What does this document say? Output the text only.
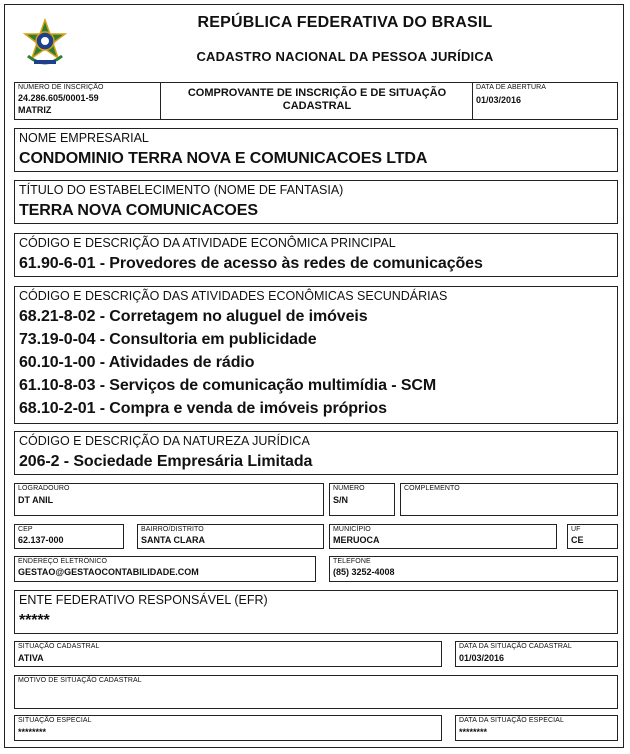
REPÚBLICA FEDERATIVA DO BRASIL
CADASTRO NACIONAL DA PESSOA JURÍDICA
NÚMERO DE INSCRIÇÃO
24.286.605/0001-59
MATRIZ
COMPROVANTE DE INSCRIÇÃO E DE SITUAÇÃO CADASTRAL
DATA DE ABERTURA
01/03/2016
NOME EMPRESARIAL
CONDOMINIO TERRA NOVA E COMUNICACOES LTDA
TÍTULO DO ESTABELECIMENTO (NOME DE FANTASIA)
TERRA NOVA COMUNICACOES
CÓDIGO E DESCRIÇÃO DA ATIVIDADE ECONÔMICA PRINCIPAL
61.90-6-01 - Provedores de acesso às redes de comunicações
CÓDIGO E DESCRIÇÃO DAS ATIVIDADES ECONÔMICAS SECUNDÁRIAS
68.21-8-02 - Corretagem no aluguel de imóveis
73.19-0-04 - Consultoria em publicidade
60.10-1-00 - Atividades de rádio
61.10-8-03 - Serviços de comunicação multimídia - SCM
68.10-2-01 - Compra e venda de imóveis próprios
CÓDIGO E DESCRIÇÃO DA NATUREZA JURÍDICA
206-2 - Sociedade Empresária Limitada
LOGRADOURO
DT ANIL
NÚMERO
S/N
COMPLEMENTO
CEP
62.137-000
BAIRRO/DISTRITO
SANTA CLARA
MUNICÍPIO
MERUOCA
UF
CE
ENDEREÇO ELETRÔNICO
GESTAO@GESTAOCONTABILIDADE.COM
TELEFONE
(85) 3252-4008
ENTE FEDERATIVO RESPONSÁVEL (EFR)
*****
SITUAÇÃO CADASTRAL
ATIVA
DATA DA SITUAÇÃO CADASTRAL
01/03/2016
MOTIVO DE SITUAÇÃO CADASTRAL
SITUAÇÃO ESPECIAL
********
DATA DA SITUAÇÃO ESPECIAL
********
